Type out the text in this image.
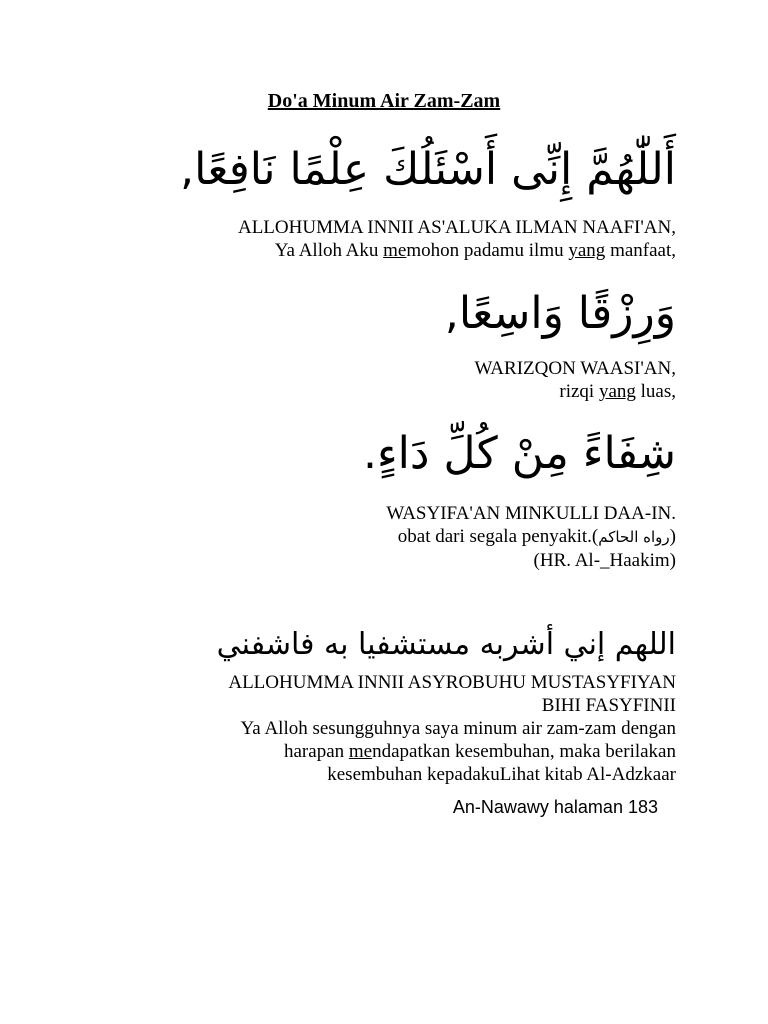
Do'a Minum Air Zam-Zam
أَللّٰهُمَّ إِنِّى أَسْئَلُكَ عِلْمًا نَافِعًا,
ALLOHUMMA INNII AS'ALUKA ILMAN NAAFI'AN,
Ya Alloh Aku memohon padamu ilmu yang manfaat,
وَرِزْقًا وَاسِعًا,
WARIZQON WAASI'AN,
rizqi yang luas,
شِفَاءً مِنْ كُلِّ دَاءٍ.
WASYIFA'AN MINKULLI DAA-IN.
obat dari segala penyakit.(رواه الحاكم)
(HR. Al-_Haakim)
اللهم إني أشربه مستشفيا به فاشفني
ALLOHUMMA INNII ASYROBUHU MUSTASYFIYAN
BIHI FASYFINII
Ya Alloh sesungguhnya saya minum air zam-zam dengan
harapan mendapatkan kesembuhan, maka berilakan
kesembuhan kepadakuLihat kitab Al-Adzkaar
An-Nawawy halaman 183
